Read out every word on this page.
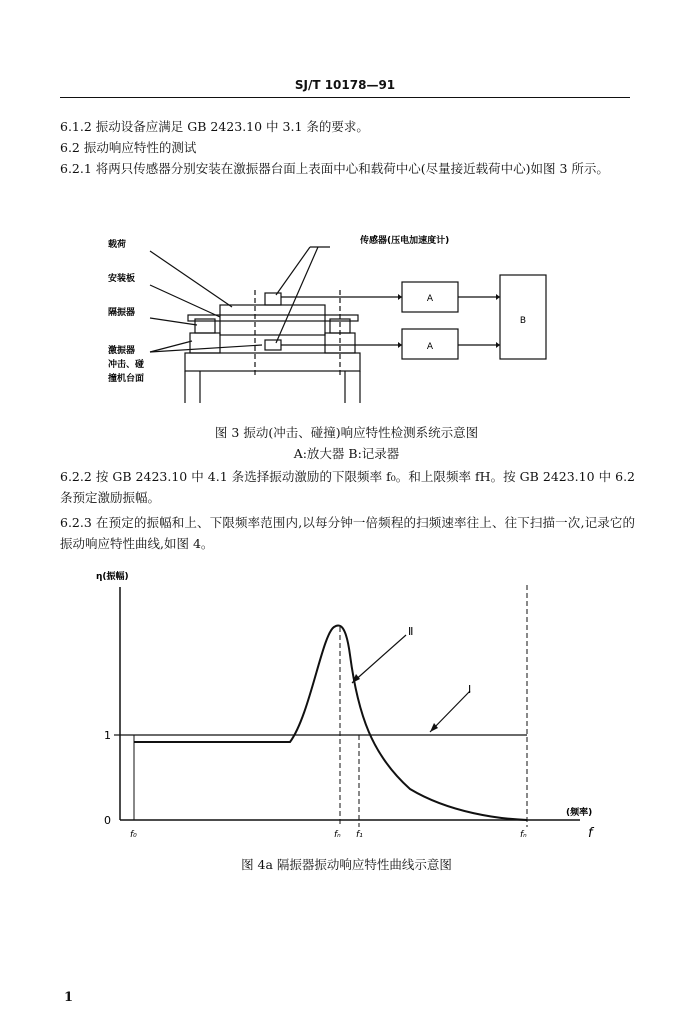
SJ/T 10178—91

6.1.2 振动设备应满足 GB 2423.10 中 3.1 条的要求。

6.2 振动响应特性的测试

6.2.1 将两只传感器分别安装在激振器台面上表面中心和载荷中心(尽量接近载荷中心)如图 3 所示。

载荷
安装板
隔振器
激振器
冲击、碰
撞机台面
传感器(压电加速度计)
A
A
B
图 3 振动(冲击、碰撞)响应特性检测系统示意图
A:放大器 B:记录器

6.2.2 按 GB 2423.10 中 4.1 条选择振动激励的下限频率 f₀。和上限频率 fH。按 GB 2423.10 中 6.2 条预定激励振幅。

6.2.3 在预定的振幅和上、下限频率范围内,以每分钟一倍频程的扫频速率往上、往下扫描一次,记录它的振动响应特性曲线,如图 4。

η(振幅)
(频率)
f
1
0
f₀	fₙ f₁	fₙ
Ⅱ
Ⅰ
图 4a 隔振器振动响应特性曲线示意图
1
